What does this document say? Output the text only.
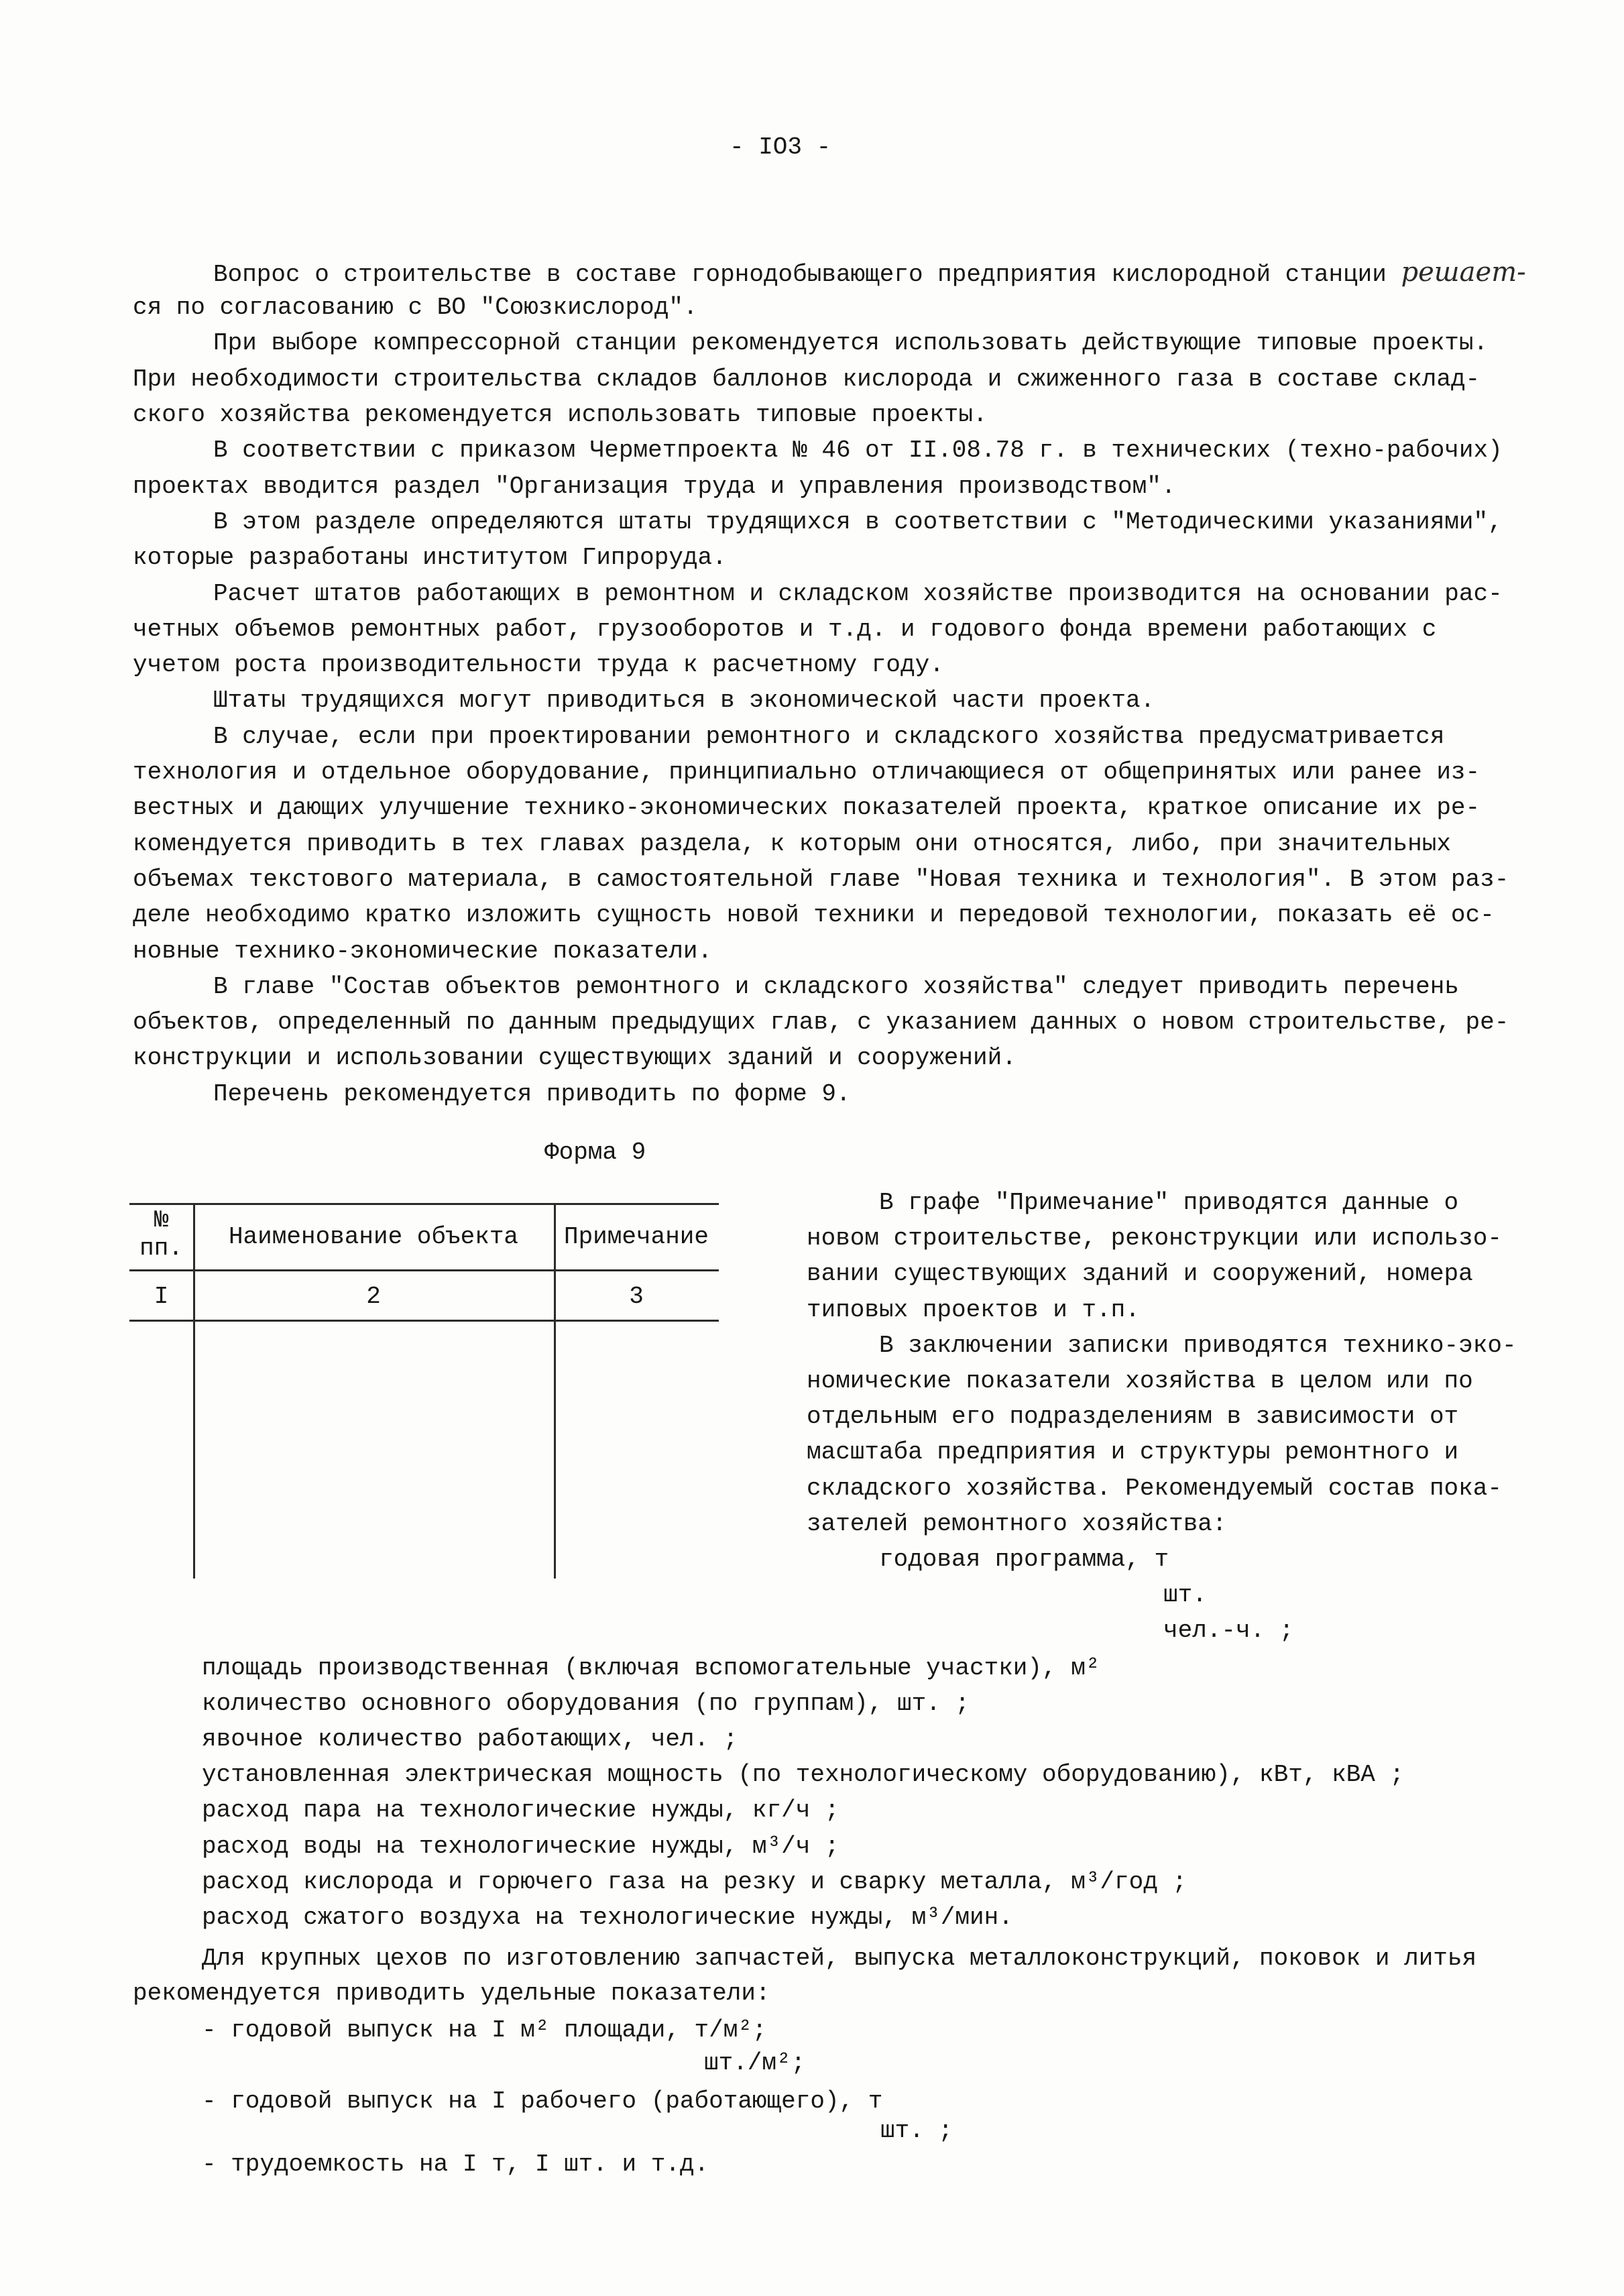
- IO3 -
Вопрос о строительстве в составе горнодобывающего предприятия кислородной станции решает-
ся по согласованию с ВО "Союзкислород".
При выборе компрессорной станции рекомендуется использовать действующие типовые проекты.
При необходимости строительства складов баллонов кислорода и сжиженного газа в составе склад-
ского хозяйства рекомендуется использовать типовые проекты.
В соответствии с приказом Черметпроекта № 46 от II.08.78 г. в технических (техно-рабочих)
проектах вводится раздел "Организация труда и управления производством".
В этом разделе определяются штаты трудящихся в соответствии с "Методическими указаниями",
которые разработаны институтом Гипроруда.
Расчет штатов работающих в ремонтном и складском хозяйстве производится на основании рас-
четных объемов ремонтных работ, грузооборотов и т.д. и годового фонда времени работающих с
учетом роста производительности труда к расчетному году.
Штаты трудящихся могут приводиться в экономической части проекта.
В случае, если при проектировании ремонтного и складского хозяйства предусматривается
технология и отдельное оборудование, принципиально отличающиеся от общепринятых или ранее из-
вестных и дающих улучшение технико-экономических показателей проекта, краткое описание их ре-
комендуется приводить в тех главах раздела, к которым они относятся, либо, при значительных
объемах текстового материала, в самостоятельной главе "Новая техника и технология". В этом раз-
деле необходимо кратко изложить сущность новой техники и передовой технологии, показать её ос-
новные технико-экономические показатели.
В главе "Состав объектов ремонтного и складского хозяйства" следует приводить перечень
объектов, определенный по данным предыдущих глав, с указанием данных о новом строительстве, ре-
конструкции и использовании существующих зданий и сооружений.
Перечень рекомендуется приводить по форме 9.
Форма 9
№
пп.	Наименование объекта	Примечание
I	2	3
В графе "Примечание" приводятся данные о
новом строительстве, реконструкции или использо-
вании существующих зданий и сооружений, номера
типовых проектов и т.п.
В заключении записки приводятся технико-эко-
номические показатели хозяйства в целом или по
отдельным его подразделениям в зависимости от
масштаба предприятия и структуры ремонтного и
складского хозяйства. Рекомендуемый состав пока-
зателей ремонтного хозяйства:
годовая программа, т
шт.
чел.-ч. ;
площадь производственная (включая вспомогательные участки), м²
количество основного оборудования (по группам), шт. ;
явочное количество работающих, чел. ;
установленная электрическая мощность (по технологическому оборудованию), кВт, кВА ;
расход пара на технологические нужды, кг/ч ;
расход воды на технологические нужды, м³/ч ;
расход кислорода и горючего газа на резку и сварку металла, м³/год ;
расход сжатого воздуха на технологические нужды, м³/мин.
Для крупных цехов по изготовлению запчастей, выпуска металлоконструкций, поковок и литья
рекомендуется приводить удельные показатели:
- годовой выпуск на I м² площади, т/м²;
шт./м²;
- годовой выпуск на I рабочего (работающего), т
шт. ;
- трудоемкость на I т, I шт. и т.д.
